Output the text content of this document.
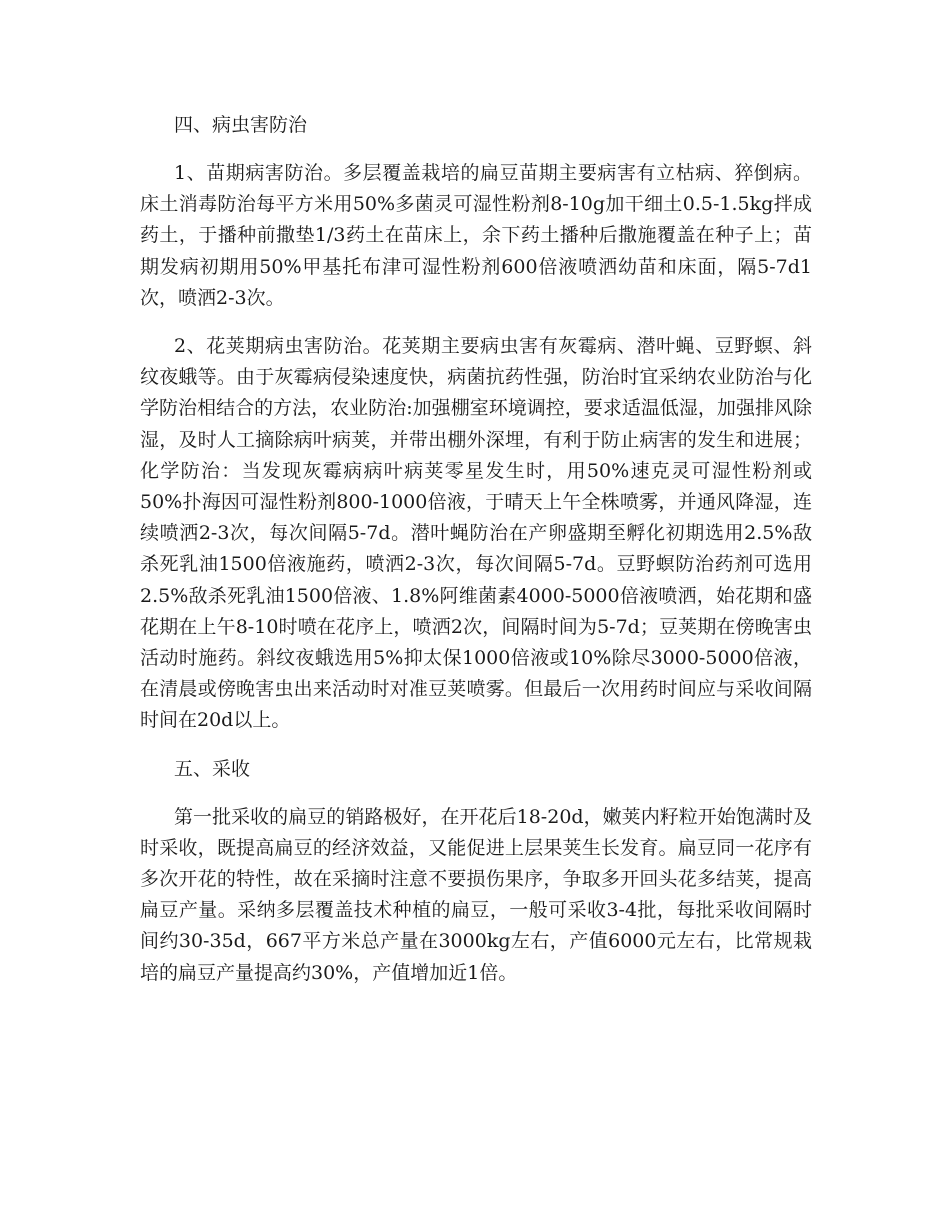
四、病虫害防治

1、苗期病害防治。多层覆盖栽培的扁豆苗期主要病害有立枯病、猝倒病。床土消毒防治每平方米用50%多菌灵可湿性粉剂8-10g加干细土0.5-1.5kg拌成药土，于播种前撒垫1/3药土在苗床上，余下药土播种后撒施覆盖在种子上；苗期发病初期用50%甲基托布津可湿性粉剂600倍液喷洒幼苗和床面，隔5-7d1次，喷洒2-3次。

2、花荚期病虫害防治。花荚期主要病虫害有灰霉病、潜叶蝇、豆野螟、斜纹夜蛾等。由于灰霉病侵染速度快，病菌抗药性强，防治时宜采纳农业防治与化学防治相结合的方法，农业防治:加强棚室环境调控，要求适温低湿，加强排风除湿，及时人工摘除病叶病荚，并带出棚外深埋，有利于防止病害的发生和进展；化学防治：当发现灰霉病病叶病荚零星发生时，用50%速克灵可湿性粉剂或50%扑海因可湿性粉剂800-1000倍液，于晴天上午全株喷雾，并通风降湿，连续喷洒2-3次，每次间隔5-7d。潜叶蝇防治在产卵盛期至孵化初期选用2.5%敌杀死乳油1500倍液施药，喷洒2-3次，每次间隔5-7d。豆野螟防治药剂可选用2.5%敌杀死乳油1500倍液、1.8%阿维菌素4000-5000倍液喷洒，始花期和盛花期在上午8-10时喷在花序上，喷洒2次，间隔时间为5-7d；豆荚期在傍晚害虫活动时施药。斜纹夜蛾选用5%抑太保1000倍液或10%除尽3000-5000倍液，在清晨或傍晚害虫出来活动时对准豆荚喷雾。但最后一次用药时间应与采收间隔时间在20d以上。

五、采收

第一批采收的扁豆的销路极好，在开花后18-20d，嫩荚内籽粒开始饱满时及时采收，既提高扁豆的经济效益，又能促进上层果荚生长发育。扁豆同一花序有多次开花的特性，故在采摘时注意不要损伤果序，争取多开回头花多结荚，提高扁豆产量。采纳多层覆盖技术种植的扁豆，一般可采收3-4批，每批采收间隔时间约30-35d，667平方米总产量在3000kg左右，产值6000元左右，比常规栽培的扁豆产量提高约30%，产值增加近1倍。
